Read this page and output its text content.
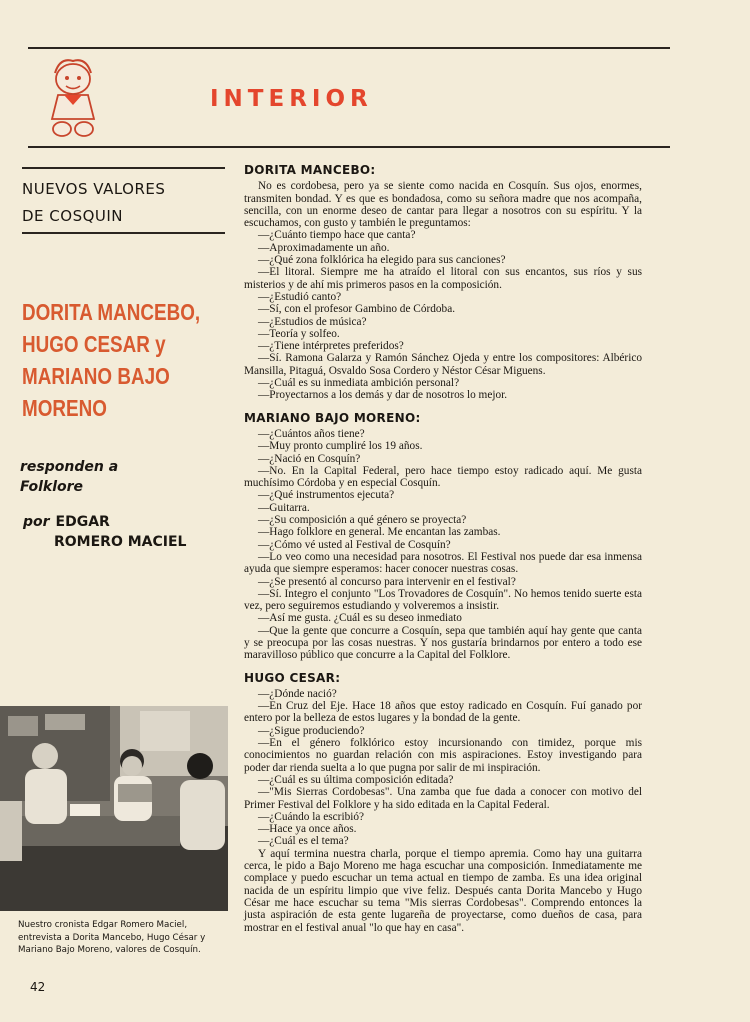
INTERIOR
NUEVOS VALORES
DE COSQUIN
DORITA MANCEBO,
HUGO CESAR y
MARIANO BAJO
MORENO
responden a
Folklore
por EDGAR
ROMERO MACIEL
Nuestro cronista Edgar Romero Maciel, entrevista a Dorita Mancebo, Hugo César y Mariano Bajo Moreno, valores de Cosquín.
DORITA MANCEBO:

No es cordobesa, pero ya se siente como nacida en Cosquín. Sus ojos, enormes, transmiten bondad. Y es que es bondadosa, como su señora madre que nos acompaña, sencilla, con un enorme deseo de cantar para llegar a nosotros con su espíritu. Y la escuchamos, con gusto y también le preguntamos:

—¿Cuánto tiempo hace que canta?

—Aproximadamente un año.

—¿Qué zona folklórica ha elegido para sus canciones?

—El litoral. Siempre me ha atraído el litoral con sus encantos, sus ríos y sus misterios y de ahí mis primeros pasos en la composición.

—¿Estudió canto?

—Sí, con el profesor Gambino de Córdoba.

—¿Estudios de música?

—Teoría y solfeo.

—¿Tiene intérpretes preferidos?

—Sí. Ramona Galarza y Ramón Sánchez Ojeda y entre los compositores: Albérico Mansilla, Pitaguá, Osvaldo Sosa Cordero y Néstor César Miguens.

—¿Cuál es su inmediata ambición personal?

—Proyectarnos a los demás y dar de nosotros lo mejor.

MARIANO BAJO MORENO:

—¿Cuántos años tiene?

—Muy pronto cumpliré los 19 años.

—¿Nació en Cosquín?

—No. En la Capital Federal, pero hace tiempo estoy radicado aquí. Me gusta muchísimo Córdoba y en especial Cosquín.

—¿Qué instrumentos ejecuta?

—Guitarra.

—¿Su composición a qué género se proyecta?

—Hago folklore en general. Me encantan las zambas.

—¿Cómo vé usted al Festival de Cosquín?

—Lo veo como una necesidad para nosotros. El Festival nos puede dar esa inmensa ayuda que siempre esperamos: hacer conocer nuestras cosas.

—¿Se presentó al concurso para intervenir en el festival?

—Sí. Integro el conjunto "Los Trovadores de Cosquín". No hemos tenido suerte esta vez, pero seguiremos estudiando y volveremos a insistir.

—Así me gusta. ¿Cuál es su deseo inmediato

—Que la gente que concurre a Cosquín, sepa que también aquí hay gente que canta y se preocupa por las cosas nuestras. Y nos gustaría brindarnos por entero a todo ese maravilloso público que concurre a la Capital del Folklore.

HUGO CESAR:

—¿Dónde nació?

—En Cruz del Eje. Hace 18 años que estoy radicado en Cosquín. Fuí ganado por entero por la belleza de estos lugares y la bondad de la gente.

—¿Sigue produciendo?

—En el género folklórico estoy incursionando con timidez, porque mis conocimientos no guardan relación con mis aspiraciones. Estoy investigando para poder dar rienda suelta a lo que pugna por salir de mi inspiración.

—¿Cuál es su última composición editada?

—"Mis Sierras Cordobesas". Una zamba que fue dada a conocer con motivo del Primer Festival del Folklore y ha sido editada en la Capital Federal.

—¿Cuándo la escribió?

—Hace ya once años.

—¿Cuál es el tema?

Y aquí termina nuestra charla, porque el tiempo apremia. Como hay una guitarra cerca, le pido a Bajo Moreno me haga escuchar una composición. Inmediatamente me complace y puedo escuchar un tema actual en tiempo de zamba. Es una idea original nacida de un espíritu limpio que vive feliz. Después canta Dorita Mancebo y Hugo César me hace escuchar su tema "Mis sierras Cordobesas". Comprendo entonces la justa aspiración de esta gente lugareña de proyectarse, como dueños de casa, para mostrar en el festival anual "lo que hay en casa".

42
